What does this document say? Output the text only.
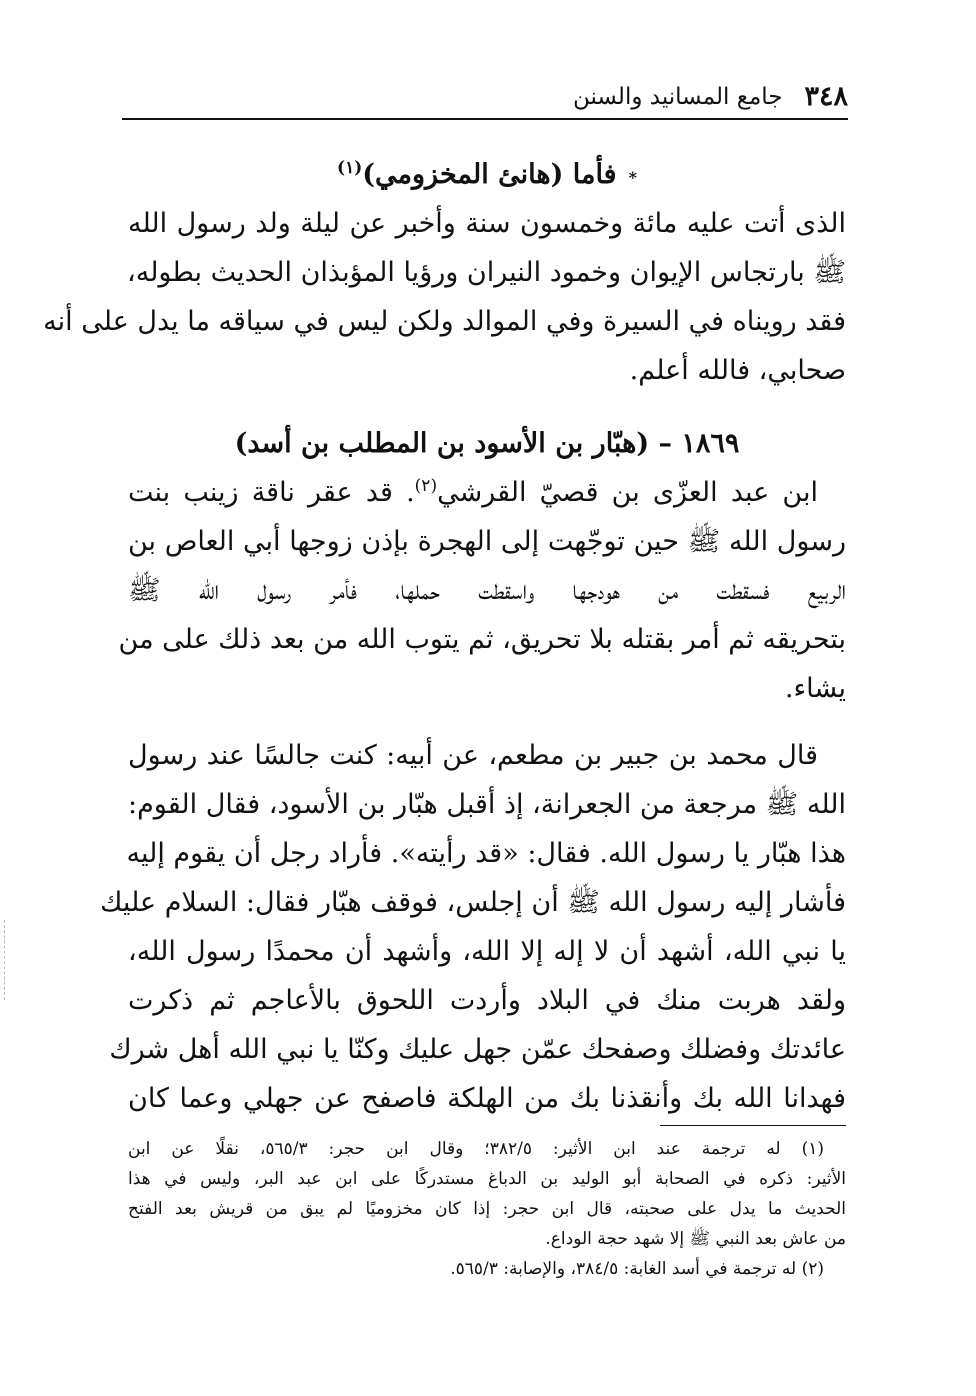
٣٤٨
جامع المسانيد والسنن
*فأما (هانئ المخزومي)$^{(١)}$
الذى أتت عليه مائة وخمسون سنة وأخبر عن ليلة ولد رسول الله
ﷺ بارتجاس الإيوان وخمود النيران ورؤيا المؤبذان الحديث بطوله،
فقد رويناه في السيرة وفي الموالد ولكن ليس في سياقه ما يدل على أنه
صحابي، فالله أعلم.
١٨٦٩ – (هبّار بن الأسود بن المطلب بن أسد)
ابن عبد العزّى بن قصيّ القرشي$^{(٢)}$. قد عقر ناقة زينب بنت
رسول الله ﷺ حين توجّهت إلى الهجرة بإذن زوجها أبي العاص بن
الربيع فسقطت من هودجها واسقطت حملها، فأمر رسول الله ﷺ
بتحريقه ثم أمر بقتله بلا تحريق، ثم يتوب الله من بعد ذلك على من
يشاء.
قال محمد بن جبير بن مطعم، عن أبيه: كنت جالسًا عند رسول
الله ﷺ مرجعة من الجعرانة، إذ أقبل هبّار بن الأسود، فقال القوم:
هذا هبّار يا رسول الله. فقال: «قد رأيته». فأراد رجل أن يقوم إليه
فأشار إليه رسول الله ﷺ أن إجلس، فوقف هبّار فقال: السلام عليك
يا نبي الله، أشهد أن لا إله إلا الله، وأشهد أن محمدًا رسول الله،
ولقد هربت منك في البلاد وأردت اللحوق بالأعاجم ثم ذكرت
عائدتك وفضلك وصفحك عمّن جهل عليك وكنّا يا نبي الله أهل شرك
فهدانا الله بك وأنقذنا بك من الهلكة فاصفح عن جهلي وعما كان
(١) له ترجمة عند ابن الأثير: ٣٨٢/٥؛ وقال ابن حجر: ٥٦٥/٣، نقلًا عن ابن
الأثير: ذكره في الصحابة أبو الوليد بن الدباغ مستدركًا على ابن عبد البر، وليس في هذا
الحديث ما يدل على صحبته، قال ابن حجر: إذا كان مخزوميًا لم يبق من قريش بعد الفتح
من عاش بعد النبي ﷺ إلا شهد حجة الوداع.
(٢) له ترجمة في أسد الغابة: ٣٨٤/٥، والإصابة: ٥٦٥/٣.
